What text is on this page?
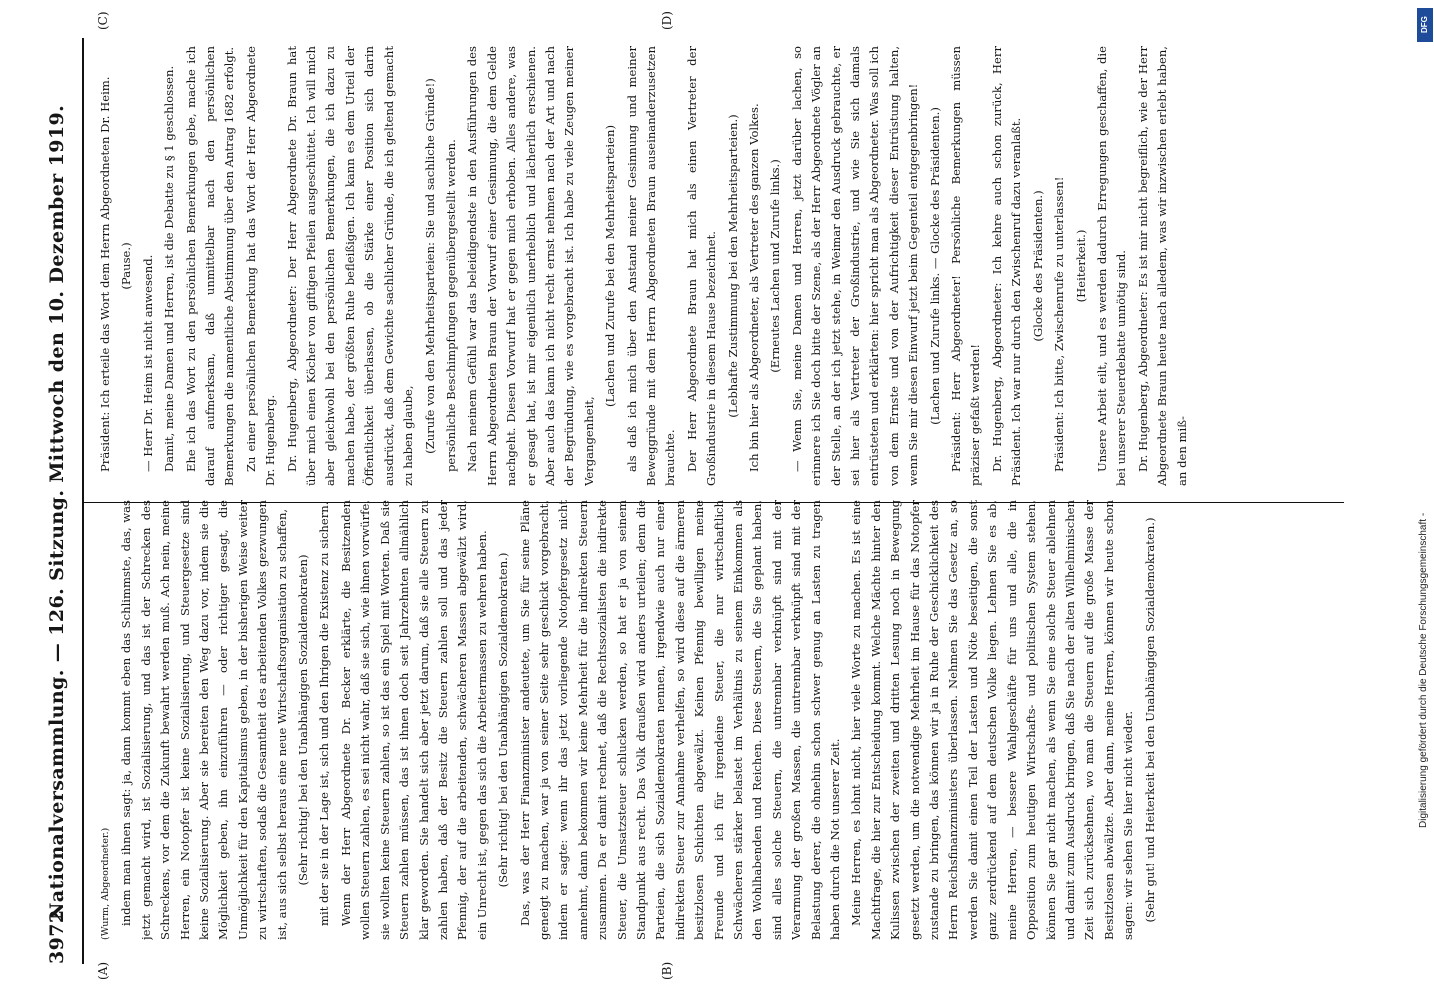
3972
Nationalversammlung. — 126. Sitzung. Mittwoch den 10. Dezember 1919.
(A)	(B)
(C)	(D)

(Wurm, Abgeordneter.) indem man ihnen sagt: ja, dann kommt eben das Schlimmste, das, was jetzt gemacht wird, ist Sozialisierung, und das ist der Schrecken des Schreckens, vor dem die Zukunft bewahrt werden muß. Ach nein, meine Herren, ein Notopfer ist keine Sozialisierung, und Steuergesetze sind keine Sozialisierung. Aber sie bereiten den Weg dazu vor, indem sie die Möglichkeit geben, ihn einzuführen — oder richtiger gesagt, die Unmöglichkeit für den Kapitalismus geben, in der bisherigen Weise weiter zu wirtschaften, sodaß die Gesamtheit des arbeitenden Volkes gezwungen ist, aus sich selbst heraus eine neue Wirtschaftsorganisation zu schaffen, (Sehr richtig! bei den Unabhängigen Sozialdemokraten) mit der sie in der Lage ist, sich und den Ihrigen die Existenz zu sichern. Wenn der Herr Abgeordnete Dr. Becker erklärte, die Besitzenden wollen Steuern zahlen, es sei nicht wahr, daß sie sich, wie ihnen vorwürfe, sie wollten keine Steuern zahlen, so ist das ein Spiel mit Worten. Daß sie Steuern zahlen müssen, das ist ihnen doch seit Jahrzehnten allmählich klar geworden. Sie handelt sich aber jetzt darum, daß sie alle Steuern zu zahlen haben, daß der Besitz die Steuern zahlen soll und das jeder Pfennig, der auf die arbeitenden, schwächeren Massen abgewälzt wird, ein Unrecht ist, gegen das sich die Arbeitermassen zu wehren haben. (Sehr richtig! bei den Unabhängigen Sozialdemokraten.) Das, was der Herr Finanzminister andeutete, um Sie für seine Pläne geneigt zu machen, war ja von seiner Seite sehr geschickt vorgebracht, indem er sagte: wenn ihr das jetzt vorliegende Notopfergesetz nicht annehmt, dann bekommen wir keine Mehrheit für die indirekten Steuern zusammen. Da er damit rechnet, daß die Rechtssozialisten die indirekte Steuer, die Umsatzsteuer schlucken werden, so hat er ja von seinem Standpunkt aus recht. Das Volk draußen wird anders urteilen; denn die Parteien, die sich Sozialdemokraten nennen, irgendwie auch nur einer indirekten Steuer zur Annahme verhelfen, so wird diese auf die ärmeren besitzlosen Schichten abgewälzt. Keinen Pfennig bewilligen meine Freunde und ich für irgendeine Steuer, die nur wirtschaftlich Schwächeren stärker belastet im Verhältnis zu seinem Einkommen als den Wohlhabenden und Reichen. Diese Steuern, die Sie geplant haben, sind alles solche Steuern, die untrennbar verknüpft sind mit der Verarmung der großen Massen, die untrennbar verknüpft sind mit der Belastung derer, die ohnehin schon schwer genug an Lasten zu tragen haben durch die Not unserer Zeit. Meine Herren, es lohnt nicht, hier viele Worte zu machen. Es ist eine Machtfrage, die hier zur Entscheidung kommt. Welche Mächte hinter den Kulissen zwischen der zweiten und dritten Lesung noch in Bewegung gesetzt werden, um die notwendige Mehrheit im Hause für das Notopfer zustande zu bringen, das können wir ja in Ruhe der Geschicklichkeit des Herrn Reichsfinanzministers überlassen. Nehmen Sie das Gesetz an, so werden Sie damit einen Teil der Lasten und Nöte beseitigen, die sonst ganz zerdrückend auf dem deutschen Volke liegen. Lehnen Sie es ab, meine Herren, — bessere Wahlgeschäfte für uns und alle, die in Opposition zum heutigen Wirtschafts- und politischen System stehen, können Sie gar nicht machen, als wenn Sie eine solche Steuer ablehnen und damit zum Ausdruck bringen, daß Sie nach der alten Wilhelminischen Zeit sich zurücksehnen, wo man die Steuern auf die große Masse der Besitzlosen abwälzte. Aber dann, meine Herren, können wir heute schon sagen: wir sehen Sie hier nicht wieder. (Sehr gut! und Heiterkeit bei den Unabhängigen Sozialdemokraten.)

Präsident: Ich erteile das Wort dem Herrn Abgeordneten Dr. Heim. (Pause.) — Herr Dr. Heim ist nicht anwesend. Damit, meine Damen und Herren, ist die Debatte zu § 1 geschlossen. Ehe ich das Wort zu den persönlichen Bemerkungen gebe, mache ich darauf aufmerksam, daß unmittelbar nach den persönlichen Bemerkungen die namentliche Abstimmung über den Antrag 1682 erfolgt. Zu einer persönlichen Bemerkung hat das Wort der Herr Abgeordnete Dr. Hugenberg. Dr. Hugenberg, Abgeordneter: Der Herr Abgeordnete Dr. Braun hat über mich einen Köcher von giftigen Pfeilen ausgeschüttet. Ich will mich aber gleichwohl bei den persönlichen Bemerkungen, die ich dazu zu machen habe, der größten Ruhe befleißigen. Ich kann es dem Urteil der Öffentlichkeit überlassen, ob die Stärke einer Position sich darin ausdrückt, daß dem Gewichte sachlicher Gründe, die ich geltend gemacht zu haben glaube, (Zurufe von den Mehrheitsparteien: Sie und sachliche Gründe!) persönliche Beschimpfungen gegenübergestellt werden. Nach meinem Gefühl war das beleidigendste in den Ausführungen des Herrn Abgeordneten Braun der Vorwurf einer Gesinnung, die dem Gelde nachgeht. Diesen Vorwurf hat er gegen mich erhoben. Alles andere, was er gesagt hat, ist mir eigentlich unerheblich und lächerlich erschienen. Aber auch das kann ich nicht recht ernst nehmen nach der Art und nach der Begründung, wie es vorgebracht ist. Ich habe zu viele Zeugen meiner Vergangenheit,

(Lachen und Zurufe bei den Mehrheitsparteien) als daß ich mich über den Anstand meiner Gesinnung und meiner Beweggründe mit dem Herrn Abgeordneten Braun auseinanderzusetzen brauchte. Der Herr Abgeordnete Braun hat mich als einen Vertreter der Großindustrie in diesem Hause bezeichnet. (Lebhafte Zustimmung bei den Mehrheitsparteien.) Ich bin hier als Abgeordneter, als Vertreter des ganzen Volkes. (Erneutes Lachen und Zurufe links.) — Wenn Sie, meine Damen und Herren, jetzt darüber lachen, so erinnere ich Sie doch bitte der Szene, als der Herr Abgeordnete Vögler an der Stelle, an der ich jetzt stehe, in Weimar den Ausdruck gebrauchte, er sei hier als Vertreter der Großindustrie, und wie Sie sich damals entrüsteten und erklärten: hier spricht man als Abgeordneter. Was soll ich von dem Ernste und von der Aufrichtigkeit dieser Entrüstung halten, wenn Sie mir diesen Einwurf jetzt beim Gegenteil entgegenbringen! (Lachen und Zurufe links. — Glocke des Präsidenten.) Präsident: Herr Abgeordneter! Persönliche Bemerkungen müssen präziser gefaßt werden! Dr. Hugenberg, Abgeordneter: Ich kehre auch schon zurück, Herr Präsident. Ich war nur durch den Zwischenruf dazu veranlaßt. (Glocke des Präsidenten.) Präsident: Ich bitte, Zwischenrufe zu unterlassen! (Heiterkeit.) Unsere Arbeit eilt, und es werden dadurch Erregungen geschaffen, die bei unserer Steuerdebatte unnötig sind. Dr. Hugenberg, Abgeordneter: Es ist mir nicht begreiflich, wie der Herr Abgeordnete Braun heute nach alledem, was wir inzwischen erlebt haben, an den miß-

DFG
Digitalisierung gefördert durch die Deutsche Forschungsgemeinschaft -
